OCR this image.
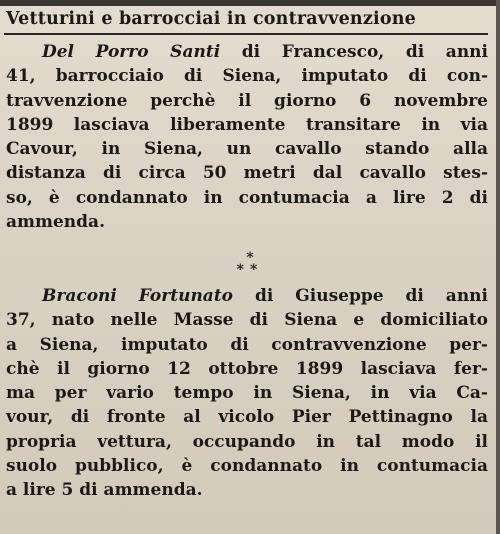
Vetturini e barrocciai in contravvenzione
Del Porro Santi di Francesco, di anni
41, barrocciaio di Siena, imputato di con-
travvenzione perchè il giorno 6 novembre
1899 lasciava liberamente transitare in via
Cavour, in Siena, un cavallo stando alla
distanza di circa 50 metri dal cavallo stes-
so, è condannato in contumacia a lire 2 di
ammenda.
*
**
Braconi Fortunato di Giuseppe di anni
37, nato nelle Masse di Siena e domiciliato
a Siena, imputato di contravvenzione per-
chè il giorno 12 ottobre 1899 lasciava fer-
ma per vario tempo in Siena, in via Ca-
vour, di fronte al vicolo Pier Pettinagno la
propria vettura, occupando in tal modo il
suolo pubblico, è condannato in contumacia
a lire 5 di ammenda.
